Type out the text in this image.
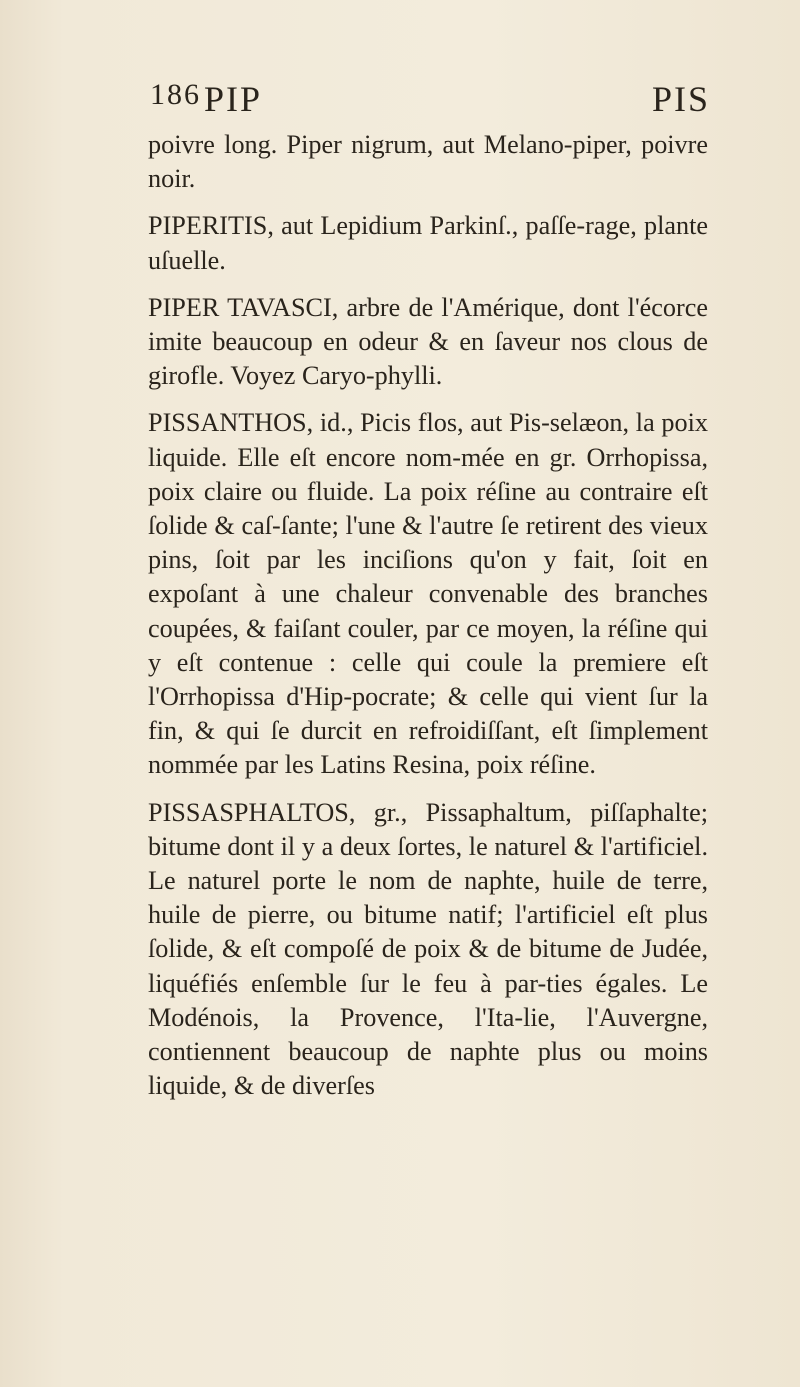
186 PIP	PIS

poivre long. Piper nigrum, aut Melano-piper, poivre noir.

PIPERITIS, aut Lepidium Parkinſ., paſſe-rage, plante uſuelle.

PIPER TAVASCI, arbre de l'Amérique, dont l'écorce imite beaucoup en odeur & en ſaveur nos clous de girofle. Voyez Caryo-phylli.

PISSANTHOS, id., Picis flos, aut Pis-selæon, la poix liquide. Elle eſt encore nom-mée en gr. Orrhopissa, poix claire ou fluide. La poix réſine au contraire eſt ſolide & caſ-ſante; l'une & l'autre ſe retirent des vieux pins, ſoit par les inciſions qu'on y fait, ſoit en expoſant à une chaleur convenable des branches coupées, & faiſant couler, par ce moyen, la réſine qui y eſt contenue : celle qui coule la premiere eſt l'Orrhopissa d'Hip-pocrate; & celle qui vient ſur la fin, & qui ſe durcit en refroidiſſant, eſt ſimplement nommée par les Latins Resina, poix réſine.

PISSASPHALTOS, gr., Pissaphaltum, piſſaphalte; bitume dont il y a deux ſortes, le naturel & l'artificiel. Le naturel porte le nom de naphte, huile de terre, huile de pierre, ou bitume natif; l'artificiel eſt plus ſolide, & eſt compoſé de poix & de bitume de Judée, liquéfiés enſemble ſur le feu à par-ties égales. Le Modénois, la Provence, l'Ita-lie, l'Auvergne, contiennent beaucoup de naphte plus ou moins liquide, & de diverſes
